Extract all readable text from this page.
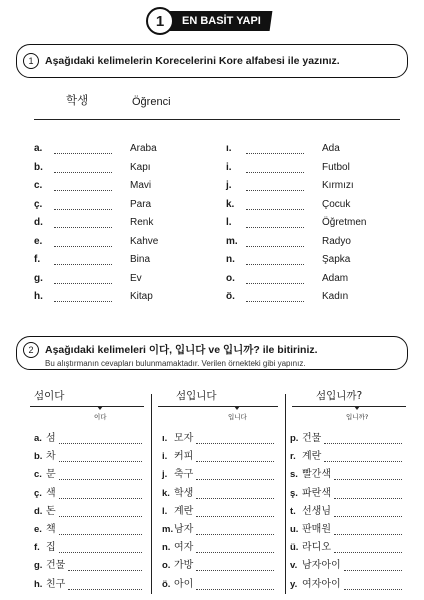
1	EN BASİT YAPI
1	Aşağıdaki kelimelerin Korecelerini Kore alfabesi ile yazınız.
학생	Öğrenci
a.	Araba
b.	Kapı
c.	Mavi
ç.	Para
d.	Renk
e.	Kahve
f.	Bina
g.	Ev
h.	Kitap
ı.	Ada
i.	Futbol
j.	Kırmızı
k.	Çocuk
l.	Öğretmen
m.	Radyo
n.	Şapka
o.	Adam
ö.	Kadın
2	Aşağıdaki kelimeleri 이다, 입니다 ve 입니까? ile bitiriniz.
Bu alıştırmanın cevapları bulunmamaktadır. Verilen örnekteki gibi yapınız.
섬이다	섬입니다	섬입니까?
이다	입니다	입니까?
a. 섬
b. 차
c. 문
ç. 색
d. 돈
e. 책
f. 집
g. 건물
h. 친구
ı. 모자
i. 커피
j. 축구
k. 학생
l. 계란
m. 남자
n. 여자
o. 가방
ö. 아이
p. 건물
r. 계란
s. 빨간색
ş. 파란색
t. 선생님
u. 판매원
ü. 라디오
v. 남자아이
y. 여자아이
